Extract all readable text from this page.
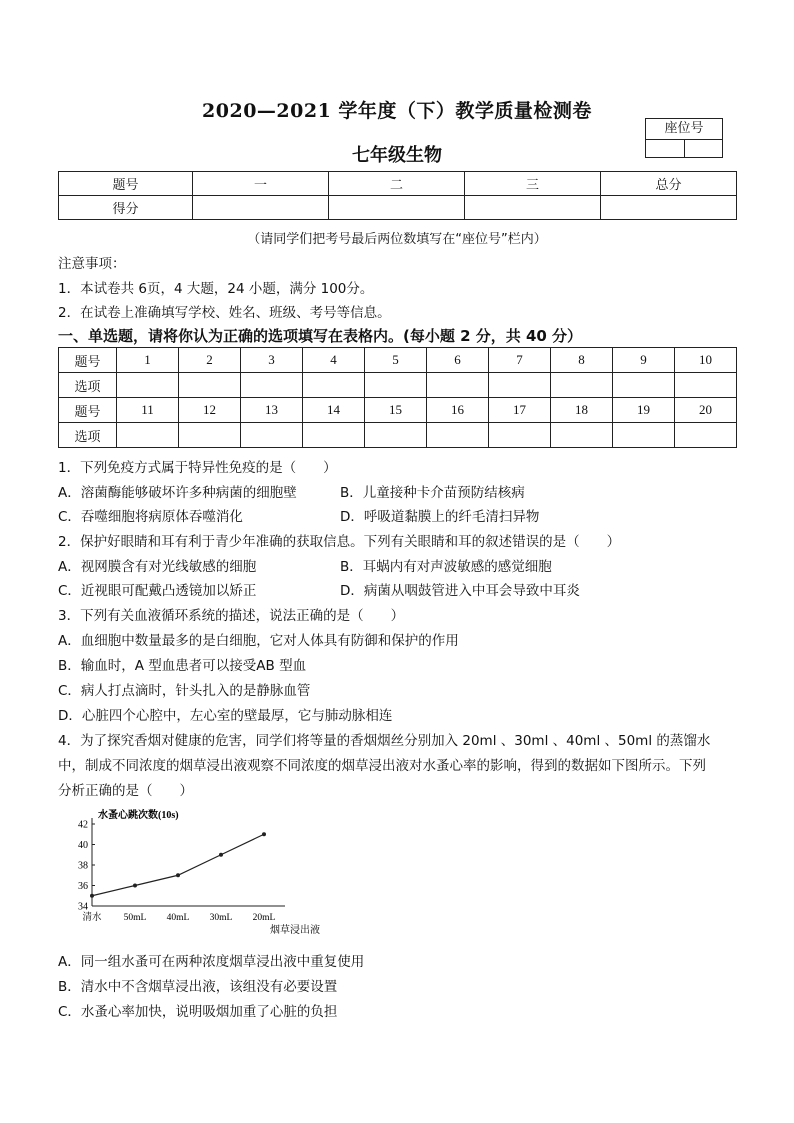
2020—2021 学年度（下）教学质量检测卷
七年级生物
座位号
题号	一	二	三	总分
得分				
（请同学们把考号最后两位数填写在“座位号”栏内）
注意事项：
1．本试卷共 6页，4 大题，24 小题，满分 100分。
2．在试卷上准确填写学校、姓名、班级、考号等信息。
一、单选题，请将你认为正确的选项填写在表格内。(每小题 2 分，共 40 分）
题号	1	2	3	4	5	6	7	8	9	10
选项										
题号	11	12	13	14	15	16	17	18	19	20
选项										
1．下列免疫方式属于特异性免疫的是（　　）
A．溶菌酶能够破坏许多种病菌的细胞壁	B．儿童接种卡介苗预防结核病
C．吞噬细胞将病原体吞噬消化	D．呼吸道黏膜上的纤毛清扫异物
2．保护好眼睛和耳有利于青少年准确的获取信息。下列有关眼睛和耳的叙述错误的是（　　）
A．视网膜含有对光线敏感的细胞	B．耳蜗内有对声波敏感的感觉细胞
C．近视眼可配戴凸透镜加以矫正	D．病菌从咽鼓管进入中耳会导致中耳炎
3．下列有关血液循环系统的描述，说法正确的是（　　）
A．血细胞中数量最多的是白细胞，它对人体具有防御和保护的作用
B．输血时，A 型血患者可以接受AB 型血
C．病人打点滴时，针头扎入的是静脉血管
D．心脏四个心腔中，左心室的壁最厚，它与肺动脉相连
4．为了探究香烟对健康的危害，同学们将等量的香烟烟丝分别加入 20ml 、30ml 、40ml 、50ml 的蒸馏水
中，制成不同浓度的烟草浸出液观察不同浓度的烟草浸出液对水蚤心率的影响，得到的数据如下图所示。下列
分析正确的是（　　）
水蚤心跳次数(10s)
烟草浸出液
34
36
38
40
42
清水 50mL 40mL 30mL 20mL
A．同一组水蚤可在两种浓度烟草浸出液中重复使用
B．清水中不含烟草浸出液，该组没有必要设置
C．水蚤心率加快，说明吸烟加重了心脏的负担
